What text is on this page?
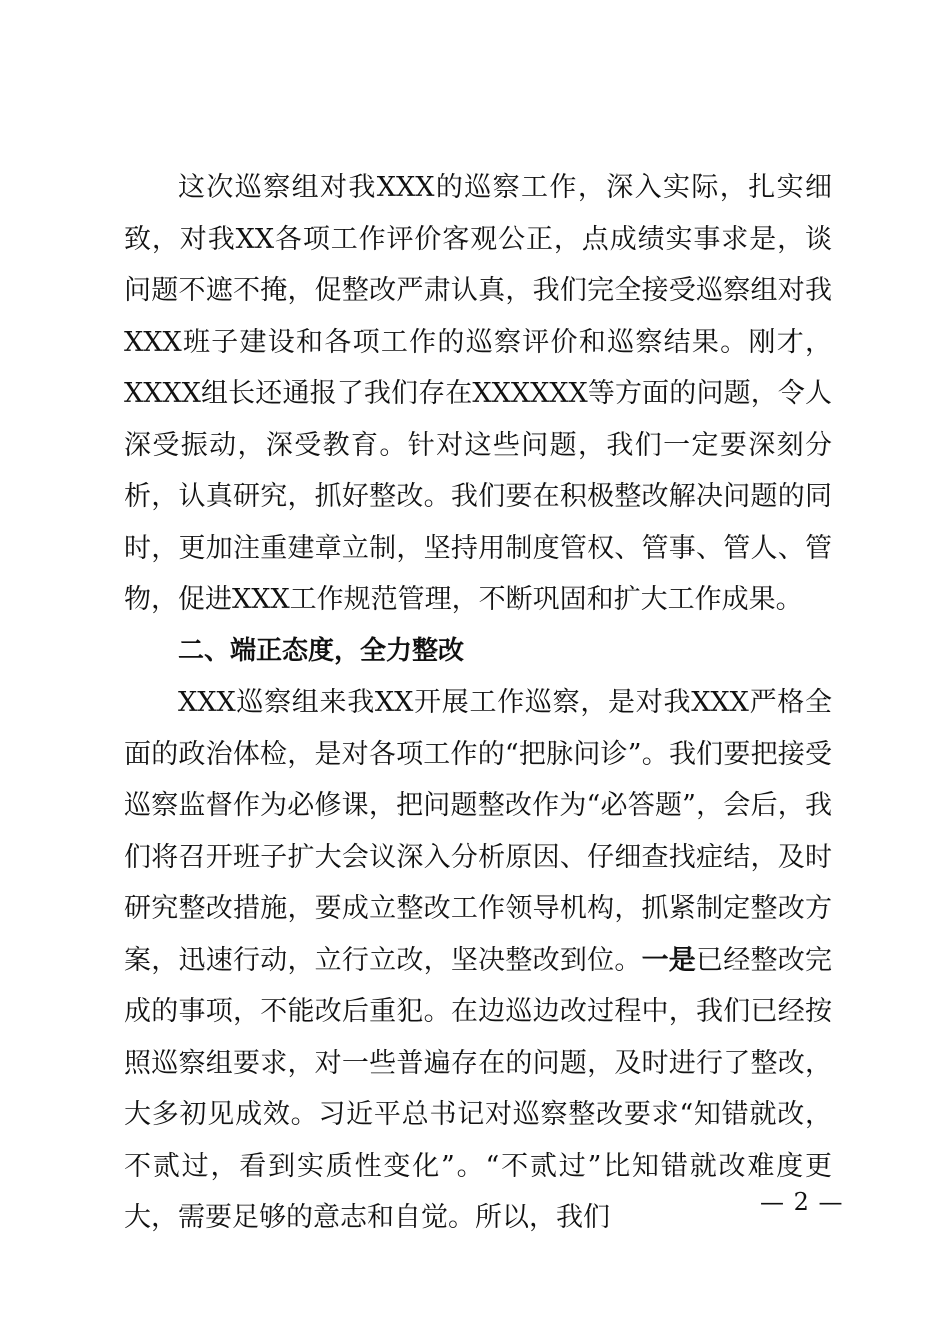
这次巡察组对我XXX的巡察工作，深入实际，扎实细致，对我XX各项工作评价客观公正，点成绩实事求是，谈问题不遮不掩，促整改严肃认真，我们完全接受巡察组对我XXX班子建设和各项工作的巡察评价和巡察结果。刚才，XXXX组长还通报了我们存在XXXXXX等方面的问题，令人深受振动，深受教育。针对这些问题，我们一定要深刻分析，认真研究，抓好整改。我们要在积极整改解决问题的同时，更加注重建章立制，坚持用制度管权、管事、管人、管物，促进XXX工作规范管理，不断巩固和扩大工作成果。

二、端正态度，全力整改

XXX巡察组来我XX开展工作巡察，是对我XXX严格全面的政治体检，是对各项工作的“把脉问诊”。我们要把接受巡察监督作为必修课，把问题整改作为“必答题”，会后，我们将召开班子扩大会议深入分析原因、仔细查找症结，及时研究整改措施，要成立整改工作领导机构，抓紧制定整改方案，迅速行动，立行立改，坚决整改到位。一是已经整改完成的事项，不能改后重犯。在边巡边改过程中，我们已经按照巡察组要求，对一些普遍存在的问题，及时进行了整改，大多初见成效。习近平总书记对巡察整改要求“知错就改，不贰过，看到实质性变化”。“不贰过”比知错就改难度更大，需要足够的意志和自觉。所以，我们	— 2 —
